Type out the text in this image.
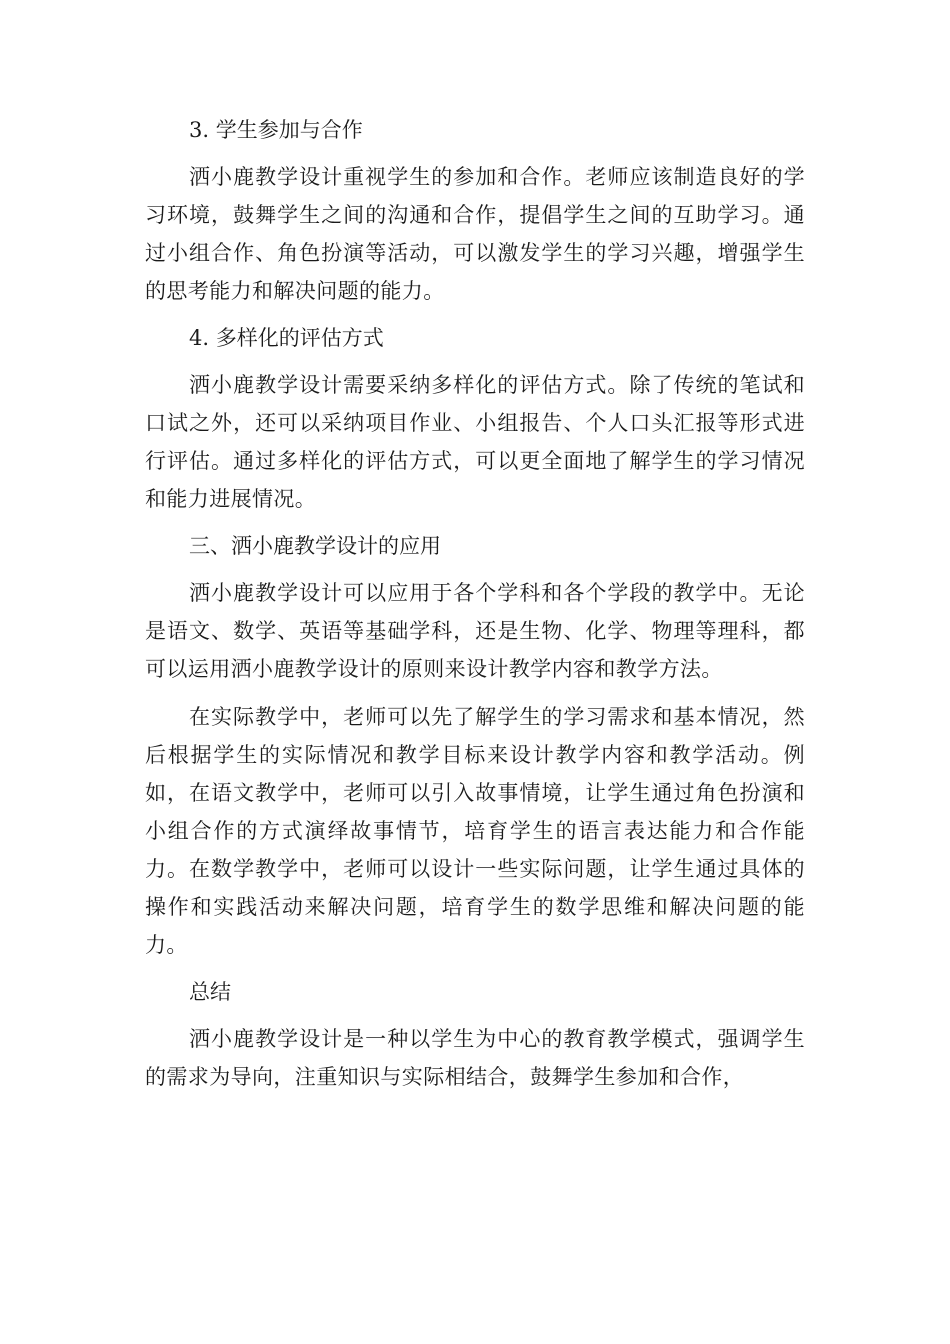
3. 学生参加与合作

洒小鹿教学设计重视学生的参加和合作。老师应该制造良好的学习环境，鼓舞学生之间的沟通和合作，提倡学生之间的互助学习。通过小组合作、角色扮演等活动，可以激发学生的学习兴趣，增强学生的思考能力和解决问题的能力。

4. 多样化的评估方式

洒小鹿教学设计需要采纳多样化的评估方式。除了传统的笔试和口试之外，还可以采纳项目作业、小组报告、个人口头汇报等形式进行评估。通过多样化的评估方式，可以更全面地了解学生的学习情况和能力进展情况。

三、洒小鹿教学设计的应用

洒小鹿教学设计可以应用于各个学科和各个学段的教学中。无论是语文、数学、英语等基础学科，还是生物、化学、物理等理科，都可以运用洒小鹿教学设计的原则来设计教学内容和教学方法。

在实际教学中，老师可以先了解学生的学习需求和基本情况，然后根据学生的实际情况和教学目标来设计教学内容和教学活动。例如，在语文教学中，老师可以引入故事情境，让学生通过角色扮演和小组合作的方式演绎故事情节，培育学生的语言表达能力和合作能力。在数学教学中，老师可以设计一些实际问题，让学生通过具体的操作和实践活动来解决问题，培育学生的数学思维和解决问题的能力。

总结

洒小鹿教学设计是一种以学生为中心的教育教学模式，强调学生的需求为导向，注重知识与实际相结合，鼓舞学生参加和合作，
